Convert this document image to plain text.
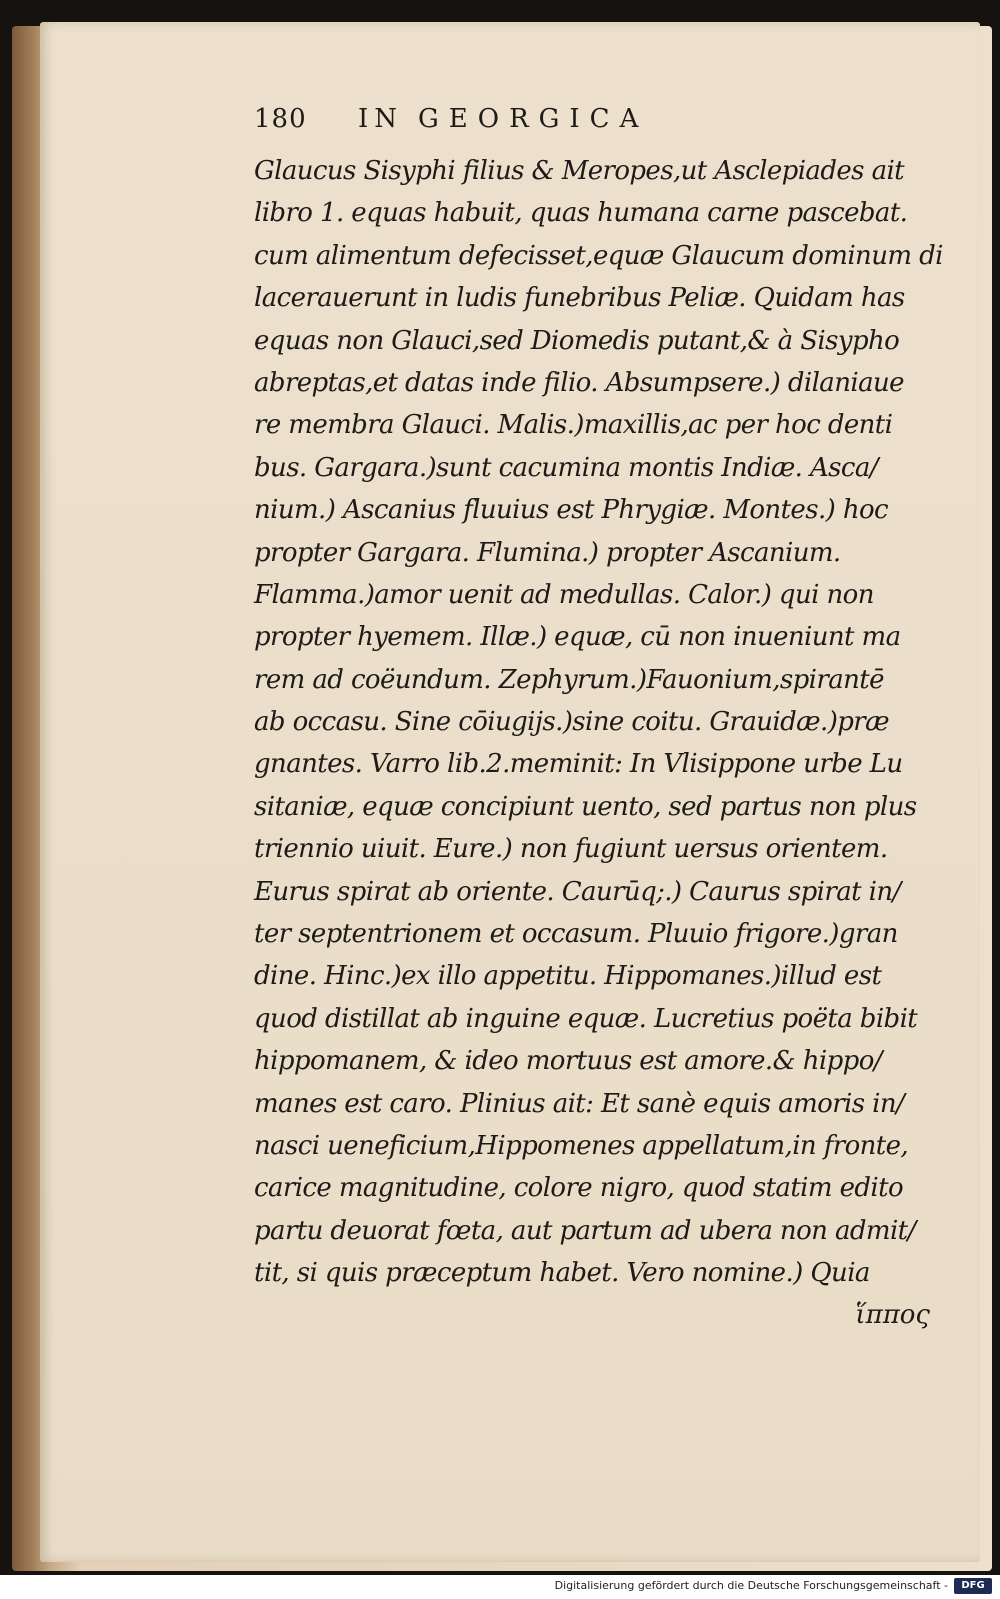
180	IN GEORGICA
Glaucus Sisyphi filius & Meropes,ut Asclepiades ait
libro 1. equas habuit, quas humana carne pascebat.
cum alimentum defecisset,equæ Glaucum dominum di
lacerauerunt in ludis funebribus Peliæ. Quidam has
equas non Glauci,sed Diomedis putant,& à Sisypho
abreptas,et datas inde filio. Absumpsere.) dilaniaue
re membra Glauci. Malis.)maxillis,ac per hoc denti
bus. Gargara.)sunt cacumina montis Indiæ. Asca/
nium.) Ascanius fluuius est Phrygiæ. Montes.) hoc
propter Gargara. Flumina.) propter Ascanium.
Flamma.)amor uenit ad medullas. Calor.) qui non
propter hyemem. Illæ.) equæ, cū non inueniunt ma
rem ad coëundum. Zephyrum.)Fauonium,spirantē
ab occasu. Sine cōiugijs.)sine coitu. Grauidæ.)præ
gnantes. Varro lib.2.meminit: In Vlisippone urbe Lu
sitaniæ, equæ concipiunt uento, sed partus non plus
triennio uiuit. Eure.) non fugiunt uersus orientem.
Eurus spirat ab oriente. Caurūq;.) Caurus spirat in/
ter septentrionem et occasum. Pluuio frigore.)gran
dine. Hinc.)ex illo appetitu. Hippomanes.)illud est
quod distillat ab inguine equæ. Lucretius poëta bibit
hippomanem, & ideo mortuus est amore.& hippo/
manes est caro. Plinius ait: Et sanè equis amoris in/
nasci ueneficium,Hippomenes appellatum,in fronte,
carice magnitudine, colore nigro, quod statim edito
partu deuorat fœta, aut partum ad ubera non admit/
tit, si quis præceptum habet. Vero nomine.) Quia
ἵππος
Digitalisierung gefördert durch die Deutsche Forschungsgemeinschaft -	DFG
